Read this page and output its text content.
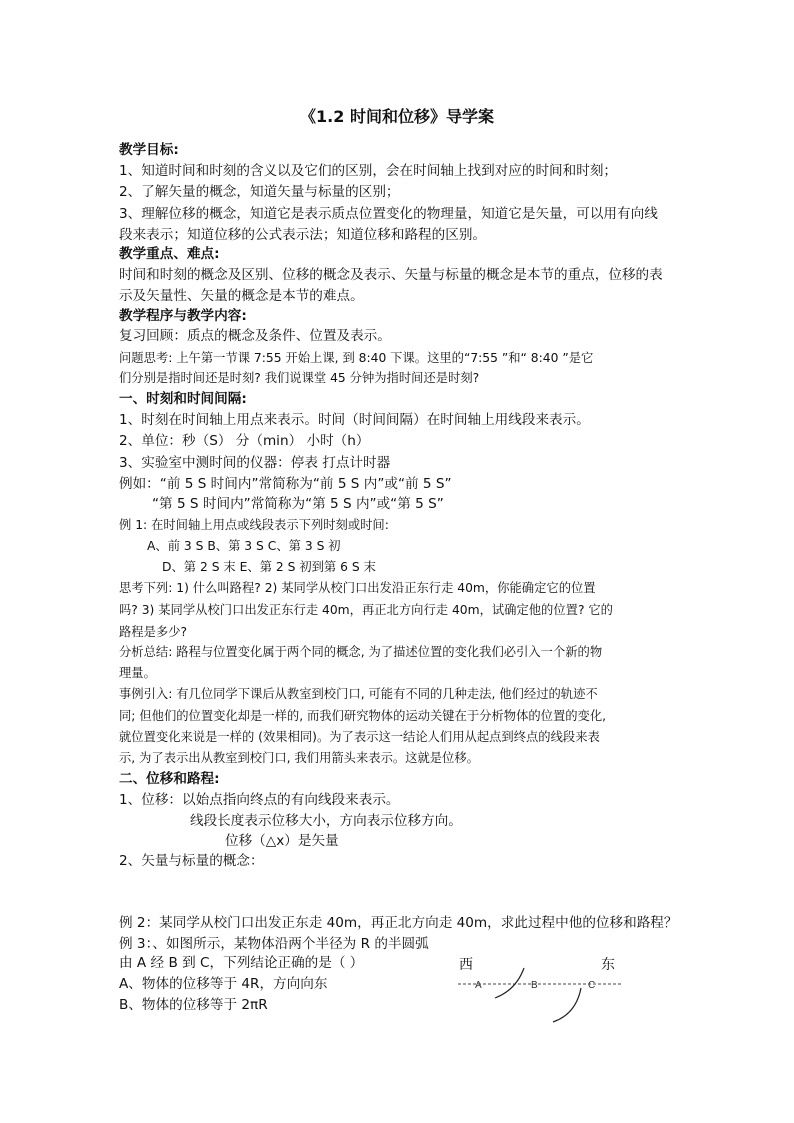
《1.2 时间和位移》导学案
教学目标:
1、知道时间和时刻的含义以及它们的区别，会在时间轴上找到对应的时间和时刻；
2、了解矢量的概念，知道矢量与标量的区别；
3、理解位移的概念，知道它是表示质点位置变化的物理量，知道它是矢量，可以用有向线
段来表示；知道位移的公式表示法；知道位移和路程的区别。
教学重点、难点:
时间和时刻的概念及区别、位移的概念及表示、矢量与标量的概念是本节的重点，位移的表
示及矢量性、矢量的概念是本节的难点。
教学程序与教学内容:
复习回顾：质点的概念及条件、位置及表示。
问题思考: 上午第一节课 7:55 开始上课, 到 8:40 下课。这里的“7:55 ”和“ 8:40 ”是它
们分别是指时间还是时刻? 我们说课堂 45 分钟为指时间还是时刻?
一、时刻和时间间隔:
1、时刻在时间轴上用点来表示。时间（时间间隔）在时间轴上用线段来表示。
2、单位：秒（S） 分（min） 小时（h）
3、实验室中测时间的仪器：停表 打点计时器
例如：“前 5 S 时间内”常简称为“前 5 S 内”或“前 5 S”
“第 5 S 时间内”常简称为“第 5 S 内”或“第 5 S”
例 1: 在时间轴上用点或线段表示下列时刻或时间:
A、前 3 S B、第 3 S C、第 3 S 初
D、第 2 S 末 E、第 2 S 初到第 6 S 末
思考下列: 1) 什么叫路程? 2) 某同学从校门口出发沿正东行走 40m，你能确定它的位置
吗? 3) 某同学从校门口出发正东行走 40m，再正北方向行走 40m，试确定他的位置? 它的
路程是多少?
分析总结: 路程与位置变化属于两个同的概念, 为了描述位置的变化我们必引入一个新的物
理量。
事例引入: 有几位同学下课后从教室到校门口, 可能有不同的几种走法, 他们经过的轨迹不
同; 但他们的位置变化却是一样的, 而我们研究物体的运动关键在于分析物体的位置的变化,
就位置变化来说是一样的 (效果相同)。为了表示这一结论人们用从起点到终点的线段来表
示, 为了表示出从教室到校门口, 我们用箭头来表示。这就是位移。
二、位移和路程:
1、位移：以始点指向终点的有向线段来表示。
线段长度表示位移大小，方向表示位移方向。
位移（△x）是矢量
2、矢量与标量的概念：
例 2：某同学从校门口出发正东走 40m，再正北方向走 40m，求此过程中他的位移和路程？
例 3：、如图所示，某物体沿两个半径为 R 的半圆弧
由 A 经 B 到 C，下列结论正确的是（ ）
A、物体的位移等于 4R，方向向东
B、物体的位移等于 2πR
西	东
A	B	C
